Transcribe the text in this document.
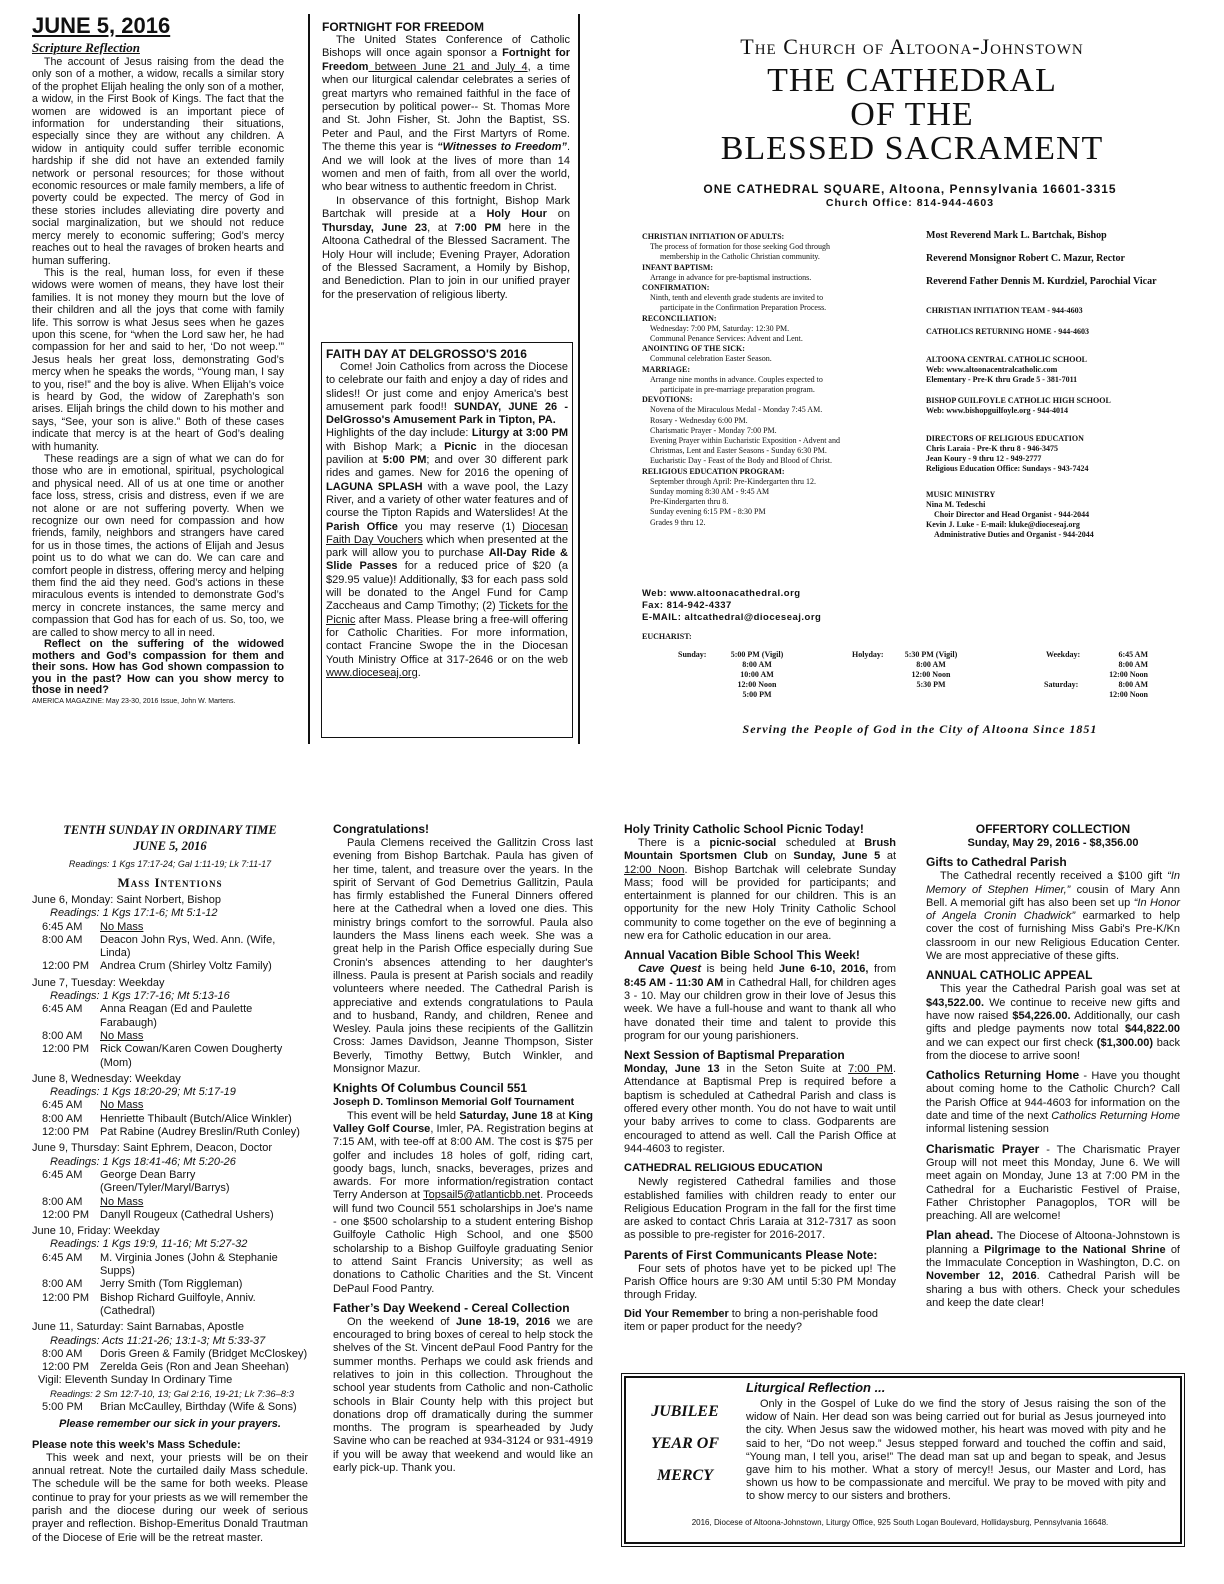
JUNE 5, 2016
Scripture Reflection

The account of Jesus raising from the dead the only son of a mother, a widow, recalls a similar story of the prophet Elijah healing the only son of a mother, a widow, in the First Book of Kings. The fact that the women are widowed is an important piece of information for understanding their situations, especially since they are without any children. A widow in antiquity could suffer terrible economic hardship if she did not have an extended family network or personal resources; for those without economic resources or male family members, a life of poverty could be expected. The mercy of God in these stories includes alleviating dire poverty and social marginalization, but we should not reduce mercy merely to economic suffering; God’s mercy reaches out to heal the ravages of broken hearts and human suffering.

This is the real, human loss, for even if these widows were women of means, they have lost their families. It is not money they mourn but the love of their children and all the joys that come with family life. This sorrow is what Jesus sees when he gazes upon this scene, for “when the Lord saw her, he had compassion for her and said to her, ‘Do not weep.’” Jesus heals her great loss, demonstrating God’s mercy when he speaks the words, “Young man, I say to you, rise!” and the boy is alive. When Elijah’s voice is heard by God, the widow of Zarephath’s son arises. Elijah brings the child down to his mother and says, “See, your son is alive.” Both of these cases indicate that mercy is at the heart of God’s dealing with humanity.

These readings are a sign of what we can do for those who are in emotional, spiritual, psychological and physical need. All of us at one time or another face loss, stress, crisis and distress, even if we are not alone or are not suffering poverty. When we recognize our own need for compassion and how friends, family, neighbors and strangers have cared for us in those times, the actions of Elijah and Jesus point us to do what we can do. We can care and comfort people in distress, offering mercy and helping them find the aid they need. God’s actions in these miraculous events is intended to demonstrate God’s mercy in concrete instances, the same mercy and compassion that God has for each of us. So, too, we are called to show mercy to all in need.

Reflect on the suffering of the widowed mothers and God’s compassion for them and their sons. How has God shown compassion to you in the past? How can you show mercy to those in need?

AMERICA MAGAZINE: May 23-30, 2016 Issue, John W. Martens.

FORTNIGHT FOR FREEDOM

The United States Conference of Catholic Bishops will once again sponsor a Fortnight for Freedom between June 21 and July 4, a time when our liturgical calendar celebrates a series of great martyrs who remained faithful in the face of persecution by political power-- St. Thomas More and St. John Fisher, St. John the Baptist, SS. Peter and Paul, and the First Martyrs of Rome. The theme this year is “Witnesses to Freedom”. And we will look at the lives of more than 14 women and men of faith, from all over the world, who bear witness to authentic freedom in Christ.

In observance of this fortnight, Bishop Mark Bartchak will preside at a Holy Hour on Thursday, June 23, at 7:00 PM here in the Altoona Cathedral of the Blessed Sacrament. The Holy Hour will include; Evening Prayer, Adoration of the Blessed Sacrament, a Homily by Bishop, and Benediction. Plan to join in our unified prayer for the preservation of religious liberty.

FAITH DAY AT DELGROSSO'S 2016

Come! Join Catholics from across the Diocese to celebrate our faith and enjoy a day of rides and slides!! Or just come and enjoy America's best amusement park food!! SUNDAY, JUNE 26 - DelGrosso's Amusement Park in Tipton, PA.

Highlights of the day include: Liturgy at 3:00 PM with Bishop Mark; a Picnic in the diocesan pavilion at 5:00 PM; and over 30 different park rides and games. New for 2016 the opening of LAGUNA SPLASH with a wave pool, the Lazy River, and a variety of other water features and of course the Tipton Rapids and Waterslides! At the Parish Office you may reserve (1) Diocesan Faith Day Vouchers which when presented at the park will allow you to purchase All-Day Ride & Slide Passes for a reduced price of $20 (a $29.95 value)! Additionally, $3 for each pass sold will be donated to the Angel Fund for Camp Zaccheaus and Camp Timothy; (2) Tickets for the Picnic after Mass. Please bring a free-will offering for Catholic Charities. For more information, contact Francine Swope the in the Diocesan Youth Ministry Office at 317-2646 or on the web www.dioceseaj.org.

The Church of Altoona-Johnstown
THE CATHEDRAL
OF THE
BLESSED SACRAMENT
ONE CATHEDRAL SQUARE, Altoona, Pennsylvania 16601-3315
Church Office: 814-944-4603
CHRISTIAN INITIATION OF ADULTS:
The process of formation for those seeking God through
membership in the Catholic Christian community.
INFANT BAPTISM:
Arrange in advance for pre-baptismal instructions.
CONFIRMATION:
Ninth, tenth and eleventh grade students are invited to
participate in the Confirmation Preparation Process.
RECONCILIATION:
Wednesday: 7:00 PM, Saturday: 12:30 PM.
Communal Penance Services: Advent and Lent.
ANOINTING OF THE SICK:
Communal celebration Easter Season.
MARRIAGE:
Arrange nine months in advance. Couples expected to
participate in pre-marriage preparation program.
DEVOTIONS:
Novena of the Miraculous Medal - Monday 7:45 AM.
Rosary - Wednesday 6:00 PM.
Charismatic Prayer - Monday 7:00 PM.
Evening Prayer within Eucharistic Exposition - Advent and
Christmas, Lent and Easter Seasons - Sunday 6:30 PM.
Eucharistic Day - Feast of the Body and Blood of Christ.
RELIGIOUS EDUCATION PROGRAM:
September through April: Pre-Kindergarten thru 12.
Sunday morning 8:30 AM - 9:45 AM
Pre-Kindergarten thru 8.
Sunday evening 6:15 PM - 8:30 PM
Grades 9 thru 12.
Web: www.altoonacathedral.org
Fax: 814-942-4337
E-MAIL: altcathedral@dioceseaj.org
Most Reverend Mark L. Bartchak, Bishop
Reverend Monsignor Robert C. Mazur, Rector
Reverend Father Dennis M. Kurdziel, Parochial Vicar
CHRISTIAN INITIATION TEAM - 944-4603
CATHOLICS RETURNING HOME - 944-4603
ALTOONA CENTRAL CATHOLIC SCHOOL
Web: www.altoonacentralcatholic.com
Elementary - Pre-K thru Grade 5 - 381-7011
BISHOP GUILFOYLE CATHOLIC HIGH SCHOOL
Web: www.bishopguilfoyle.org - 944-4014
DIRECTORS OF RELIGIOUS EDUCATION
Chris Laraia - Pre-K thru 8 - 946-3475
Jean Koury - 9 thru 12 - 949-2777
Religious Education Office: Sundays - 943-7424
MUSIC MINISTRY
Nina M. Tedeschi
Choir Director and Head Organist - 944-2044
Kevin J. Luke - E-mail: kluke@dioceseaj.org
Administrative Duties and Organist - 944-2044
EUCHARIST:
Sunday:	5:00 PM (Vigil)
8:00 AM
10:00 AM
12:00 Noon
5:00 PM
Holyday:	5:30 PM (Vigil)
8:00 AM
12:00 Noon
5:30 PM
Weekday:	6:45 AM
8:00 AM
12:00 Noon
Saturday:	8:00 AM
12:00 Noon
Serving the People of God in the City of Altoona Since 1851
TENTH SUNDAY IN ORDINARY TIME
JUNE 5, 2016
Readings: 1 Kgs 17:17-24; Gal 1:11-19; Lk 7:11-17
Mass Intentions
June 6, Monday: Saint Norbert, Bishop
Readings: 1 Kgs 17:1-6; Mt 5:1-12
6:45 AM	No Mass
8:00 AM	Deacon John Rys, Wed. Ann. (Wife, Linda)
12:00 PM Andrea Crum (Shirley Voltz Family)
June 7, Tuesday: Weekday
Readings: 1 Kgs 17:7-16; Mt 5:13-16
6:45 AM	Anna Reagan (Ed and Paulette Farabaugh)
8:00 AM	No Mass
12:00 PM Rick Cowan/Karen Cowen Dougherty (Mom)
June 8, Wednesday: Weekday
Readings: 1 Kgs 18:20-29; Mt 5:17-19
6:45 AM	No Mass
8:00 AM	Henriette Thibault (Butch/Alice Winkler)
12:00 PM Pat Rabine (Audrey Breslin/Ruth Conley)
June 9, Thursday: Saint Ephrem, Deacon, Doctor
Readings: 1 Kgs 18:41-46; Mt 5:20-26
6:45 AM	George Dean Barry (Green/Tyler/Maryl/Barrys)
8:00 AM	No Mass
12:00 PM Danyll Rougeux (Cathedral Ushers)
June 10, Friday: Weekday
Readings: 1 Kgs 19:9, 11-16; Mt 5:27-32
6:45 AM	M. Virginia Jones (John & Stephanie Supps)
8:00 AM	Jerry Smith (Tom Riggleman)
12:00 PM Bishop Richard Guilfoyle, Anniv. (Cathedral)
June 11, Saturday: Saint Barnabas, Apostle
Readings: Acts 11:21-26; 13:1-3; Mt 5:33-37
8:00 AM	Doris Green & Family (Bridget McCloskey)
12:00 PM Zerelda Geis (Ron and Jean Sheehan)
Vigil: Eleventh Sunday In Ordinary Time
Readings: 2 Sm 12:7-10, 13; Gal 2:16, 19-21; Lk 7:36–8:3
5:00 PM	Brian McCaulley, Birthday (Wife & Sons)
Please remember our sick in your prayers.
Please note this week’s Mass Schedule:

This week and next, your priests will be on their annual retreat. Note the curtailed daily Mass schedule. The schedule will be the same for both weeks. Please continue to pray for your priests as we will remember the parish and the diocese during our week of serious prayer and reflection. Bishop-Emeritus Donald Trautman of the Diocese of Erie will be the retreat master.

Congratulations!

Paula Clemens received the Gallitzin Cross last evening from Bishop Bartchak. Paula has given of her time, talent, and treasure over the years. In the spirit of Servant of God Demetrius Gallitzin, Paula has firmly established the Funeral Dinners offered here at the Cathedral when a loved one dies. This ministry brings comfort to the sorrowful. Paula also launders the Mass linens each week. She was a great help in the Parish Office especially during Sue Cronin's absences attending to her daughter's illness. Paula is present at Parish socials and readily volunteers where needed. The Cathedral Parish is appreciative and extends congratulations to Paula and to husband, Randy, and children, Renee and Wesley. Paula joins these recipients of the Gallitzin Cross: James Davidson, Jeanne Thompson, Sister Beverly, Timothy Bettwy, Butch Winkler, and Monsignor Mazur.

Knights Of Columbus Council 551
Joseph D. Tomlinson Memorial Golf Tournament

This event will be held Saturday, June 18 at King Valley Golf Course, Imler, PA. Registration begins at 7:15 AM, with tee-off at 8:00 AM. The cost is $75 per golfer and includes 18 holes of golf, riding cart, goody bags, lunch, snacks, beverages, prizes and awards. For more information/registration contact Terry Anderson at Topsail5@atlanticbb.net. Proceeds will fund two Council 551 scholarships in Joe's name - one $500 scholarship to a student entering Bishop Guilfoyle Catholic High School, and one $500 scholarship to a Bishop Guilfoyle graduating Senior to attend Saint Francis University; as well as donations to Catholic Charities and the St. Vincent DePaul Food Pantry.

Father’s Day Weekend - Cereal Collection

On the weekend of June 18-19, 2016 we are encouraged to bring boxes of cereal to help stock the shelves of the St. Vincent dePaul Food Pantry for the summer months. Perhaps we could ask friends and relatives to join in this collection. Throughout the school year students from Catholic and non-Catholic schools in Blair County help with this project but donations drop off dramatically during the summer months. The program is spearheaded by Judy Savine who can be reached at 934-3124 or 931-4919 if you will be away that weekend and would like an early pick-up. Thank you.

Holy Trinity Catholic School Picnic Today!

There is a picnic-social scheduled at Brush Mountain Sportsmen Club on Sunday, June 5 at 12:00 Noon. Bishop Bartchak will celebrate Sunday Mass; food will be provided for participants; and entertainment is planned for our children. This is an opportunity for the new Holy Trinity Catholic School community to come together on the eve of beginning a new era for Catholic education in our area.

Annual Vacation Bible School This Week!

Cave Quest is being held June 6-10, 2016, from 8:45 AM - 11:30 AM in Cathedral Hall, for children ages 3 - 10. May our children grow in their love of Jesus this week. We have a full-house and want to thank all who have donated their time and talent to provide this program for our young parishioners.

Next Session of Baptismal Preparation

Monday, June 13 in the Seton Suite at 7:00 PM. Attendance at Baptismal Prep is required before a baptism is scheduled at Cathedral Parish and class is offered every other month. You do not have to wait until your baby arrives to come to class. Godparents are encouraged to attend as well. Call the Parish Office at 944-4603 to register.

CATHEDRAL RELIGIOUS EDUCATION

Newly registered Cathedral families and those established families with children ready to enter our Religious Education Program in the fall for the first time are asked to contact Chris Laraia at 312-7317 as soon as possible to pre-register for 2016-2017.

Parents of First Communicants Please Note:

Four sets of photos have yet to be picked up! The Parish Office hours are 9:30 AM until 5:30 PM Monday through Friday.

Did Your Remember to bring a non-perishable food item or paper product for the needy?

OFFERTORY COLLECTION
Sunday, May 29, 2016 - $8,356.00
Gifts to Cathedral Parish

The Cathedral recently received a $100 gift “In Memory of Stephen Himer,” cousin of Mary Ann Bell. A memorial gift has also been set up “In Honor of Angela Cronin Chadwick” earmarked to help cover the cost of furnishing Miss Gabi's Pre-K/Kn classroom in our new Religious Education Center. We are most appreciative of these gifts.

ANNUAL CATHOLIC APPEAL

This year the Cathedral Parish goal was set at $43,522.00. We continue to receive new gifts and have now raised $54,226.00. Additionally, our cash gifts and pledge payments now total $44,822.00 and we can expect our first check ($1,300.00) back from the diocese to arrive soon!

Catholics Returning Home - Have you thought about coming home to the Catholic Church? Call the Parish Office at 944-4603 for information on the date and time of the next Catholics Returning Home informal listening session

Charismatic Prayer - The Charismatic Prayer Group will not meet this Monday, June 6. We will meet again on Monday, June 13 at 7:00 PM in the Cathedral for a Eucharistic Festivel of Praise, Father Christopher Panagoplos, TOR will be preaching. All are welcome!

Plan ahead. The Diocese of Altoona-Johnstown is planning a Pilgrimage to the National Shrine of the Immaculate Conception in Washington, D.C. on November 12, 2016. Cathedral Parish will be sharing a bus with others. Check your schedules and keep the date clear!

JUBILEE
YEAR OF
MERCY
Liturgical Reflection ...
Only in the Gospel of Luke do we find the story of Jesus raising the son of the widow of Nain. Her dead son was being carried out for burial as Jesus journeyed into the city. When Jesus saw the widowed mother, his heart was moved with pity and he said to her, “Do not weep.” Jesus stepped forward and touched the coffin and said, “Young man, I tell you, arise!” The dead man sat up and began to speak, and Jesus gave him to his mother. What a story of mercy!! Jesus, our Master and Lord, has shown us how to be compassionate and merciful. We pray to be moved with pity and to show mercy to our sisters and brothers.
2016, Diocese of Altoona-Johnstown, Liturgy Office, 925 South Logan Boulevard, Hollidaysburg, Pennsylvania 16648.
